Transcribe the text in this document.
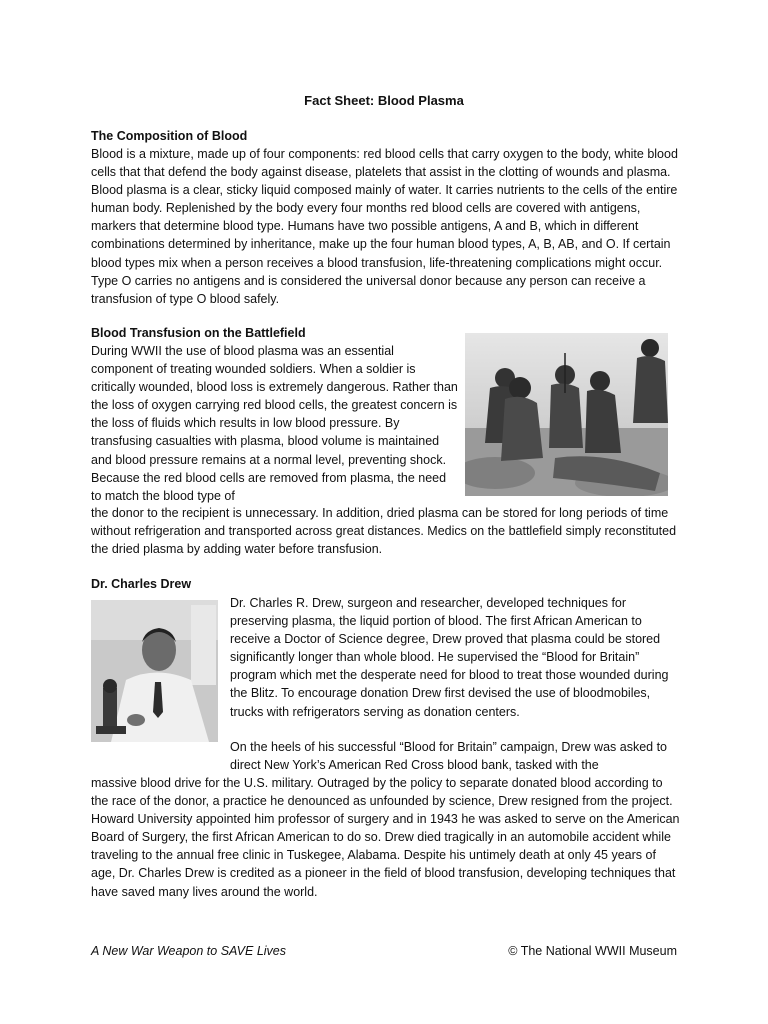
Fact Sheet: Blood Plasma
The Composition of Blood

Blood is a mixture, made up of four components: red blood cells that carry oxygen to the body, white blood cells that that defend the body against disease, platelets that assist in the clotting of wounds and plasma. Blood plasma is a clear, sticky liquid composed mainly of water. It carries nutrients to the cells of the entire human body. Replenished by the body every four months red blood cells are covered with antigens, markers that determine blood type. Humans have two possible antigens, A and B, which in different combinations determined by inheritance, make up the four human blood types, A, B, AB, and O. If certain blood types mix when a person receives a blood transfusion, life-threatening complications might occur. Type O carries no antigens and is considered the universal donor because any person can receive a transfusion of type O blood safely.

Blood Transfusion on the Battlefield

During WWII the use of blood plasma was an essential component of treating wounded soldiers. When a soldier is critically wounded, blood loss is extremely dangerous. Rather than the loss of oxygen carrying red blood cells, the greatest concern is the loss of fluids which results in low blood pressure. By transfusing casualties with plasma, blood volume is maintained and blood pressure remains at a normal level, preventing shock. Because the red blood cells are removed from plasma, the need to match the blood type of

the donor to the recipient is unnecessary. In addition, dried plasma can be stored for long periods of time without refrigeration and transported across great distances. Medics on the battlefield simply reconstituted the dried plasma by adding water before transfusion.

Dr. Charles Drew

Dr. Charles R. Drew, surgeon and researcher, developed techniques for preserving plasma, the liquid portion of blood. The first African American to receive a Doctor of Science degree, Drew proved that plasma could be stored significantly longer than whole blood. He supervised the “Blood for Britain” program which met the desperate need for blood to treat those wounded during the Blitz. To encourage donation Drew first devised the use of bloodmobiles, trucks with refrigerators serving as donation centers.

On the heels of his successful “Blood for Britain” campaign, Drew was asked to direct New York’s American Red Cross blood bank, tasked with the

massive blood drive for the U.S. military. Outraged by the policy to separate donated blood according to the race of the donor, a practice he denounced as unfounded by science, Drew resigned from the project. Howard University appointed him professor of surgery and in 1943 he was asked to serve on the American Board of Surgery, the first African American to do so. Drew died tragically in an automobile accident while traveling to the annual free clinic in Tuskegee, Alabama. Despite his untimely death at only 45 years of age, Dr. Charles Drew is credited as a pioneer in the field of blood transfusion, developing techniques that have saved many lives around the world.

A New War Weapon to SAVE Lives	© The National WWII Museum
